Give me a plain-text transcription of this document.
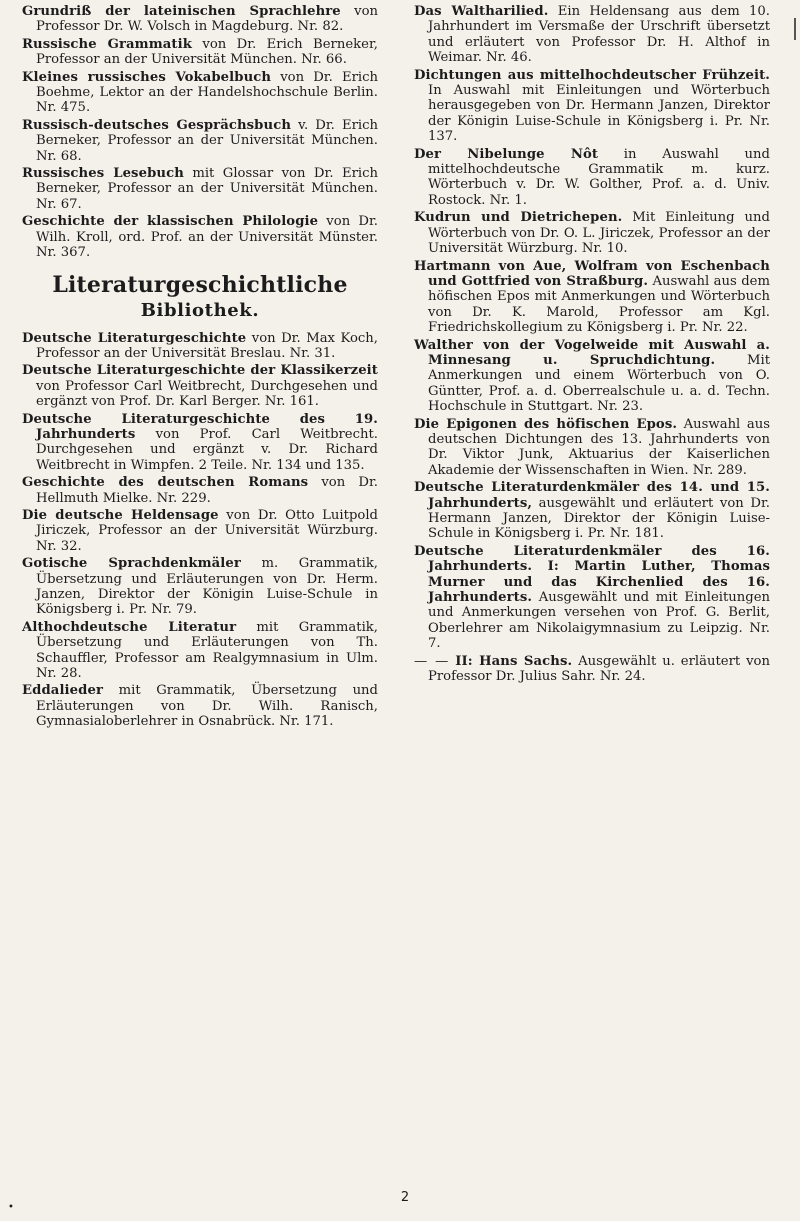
Grundriß der lateinischen Sprachlehre von Professor Dr. W. Volsch in Magdeburg. Nr. 82.
Russische Grammatik von Dr. Erich Berneker, Professor an der Universität München. Nr. 66.
Kleines russisches Vokabelbuch von Dr. Erich Boehme, Lektor an der Handelshochschule Berlin. Nr. 475.
Russisch-deutsches Gesprächsbuch v. Dr. Erich Berneker, Professor an der Universität München. Nr. 68.
Russisches Lesebuch mit Glossar von Dr. Erich Berneker, Professor an der Universität München. Nr. 67.
Geschichte der klassischen Philologie von Dr. Wilh. Kroll, ord. Prof. an der Universität Münster. Nr. 367.
Literaturgeschichtliche
Bibliothek.
Deutsche Literaturgeschichte von Dr. Max Koch, Professor an der Universität Breslau. Nr. 31.
Deutsche Literaturgeschichte der Klassikerzeit von Professor Carl Weitbrecht, Durchgesehen und ergänzt von Prof. Dr. Karl Berger. Nr. 161.
Deutsche Literaturgeschichte des 19. Jahrhunderts von Prof. Carl Weitbrecht. Durchgesehen und ergänzt v. Dr. Richard Weitbrecht in Wimpfen. 2 Teile. Nr. 134 und 135.
Geschichte des deutschen Romans von Dr. Hellmuth Mielke. Nr. 229.
Die deutsche Heldensage von Dr. Otto Luitpold Jiriczek, Professor an der Universität Würzburg. Nr. 32.
Gotische Sprachdenkmäler m. Grammatik, Übersetzung und Erläuterungen von Dr. Herm. Janzen, Direktor der Königin Luise-Schule in Königsberg i. Pr. Nr. 79.
Althochdeutsche Literatur mit Grammatik, Übersetzung und Erläuterungen von Th. Schauffler, Professor am Realgymnasium in Ulm. Nr. 28.
Eddalieder mit Grammatik, Übersetzung und Erläuterungen von Dr. Wilh. Ranisch, Gymnasialoberlehrer in Osnabrück. Nr. 171.
Das Waltharilied. Ein Heldensang aus dem 10. Jahrhundert im Versmaße der Urschrift übersetzt und erläutert von Professor Dr. H. Althof in Weimar. Nr. 46.
Dichtungen aus mittelhochdeutscher Frühzeit. In Auswahl mit Einleitungen und Wörterbuch herausgegeben von Dr. Hermann Janzen, Direktor der Königin Luise-Schule in Königsberg i. Pr. Nr. 137.
Der Nibelunge Nôt in Auswahl und mittelhochdeutsche Grammatik m. kurz. Wörterbuch v. Dr. W. Golther, Prof. a. d. Univ. Rostock. Nr. 1.
Kudrun und Dietrichepen. Mit Einleitung und Wörterbuch von Dr. O. L. Jiriczek, Professor an der Universität Würzburg. Nr. 10.
Hartmann von Aue, Wolfram von Eschenbach und Gottfried von Straßburg. Auswahl aus dem höfischen Epos mit Anmerkungen und Wörterbuch von Dr. K. Marold, Professor am Kgl. Friedrichskollegium zu Königsberg i. Pr. Nr. 22.
Walther von der Vogelweide mit Auswahl a. Minnesang u. Spruchdichtung. Mit Anmerkungen und einem Wörterbuch von O. Güntter, Prof. a. d. Oberrealschule u. a. d. Techn. Hochschule in Stuttgart. Nr. 23.
Die Epigonen des höfischen Epos. Auswahl aus deutschen Dichtungen des 13. Jahrhunderts von Dr. Viktor Junk, Aktuarius der Kaiserlichen Akademie der Wissenschaften in Wien. Nr. 289.
Deutsche Literaturdenkmäler des 14. und 15. Jahrhunderts, ausgewählt und erläutert von Dr. Hermann Janzen, Direktor der Königin Luise-Schule in Königsberg i. Pr. Nr. 181.
Deutsche Literaturdenkmäler des 16. Jahrhunderts. I: Martin Luther, Thomas Murner und das Kirchenlied des 16. Jahrhunderts. Ausgewählt und mit Einleitungen und Anmerkungen versehen von Prof. G. Berlit, Oberlehrer am Nikolaigymnasium zu Leipzig. Nr. 7.
— — II: Hans Sachs. Ausgewählt u. erläutert von Professor Dr. Julius Sahr. Nr. 24.
2
•
